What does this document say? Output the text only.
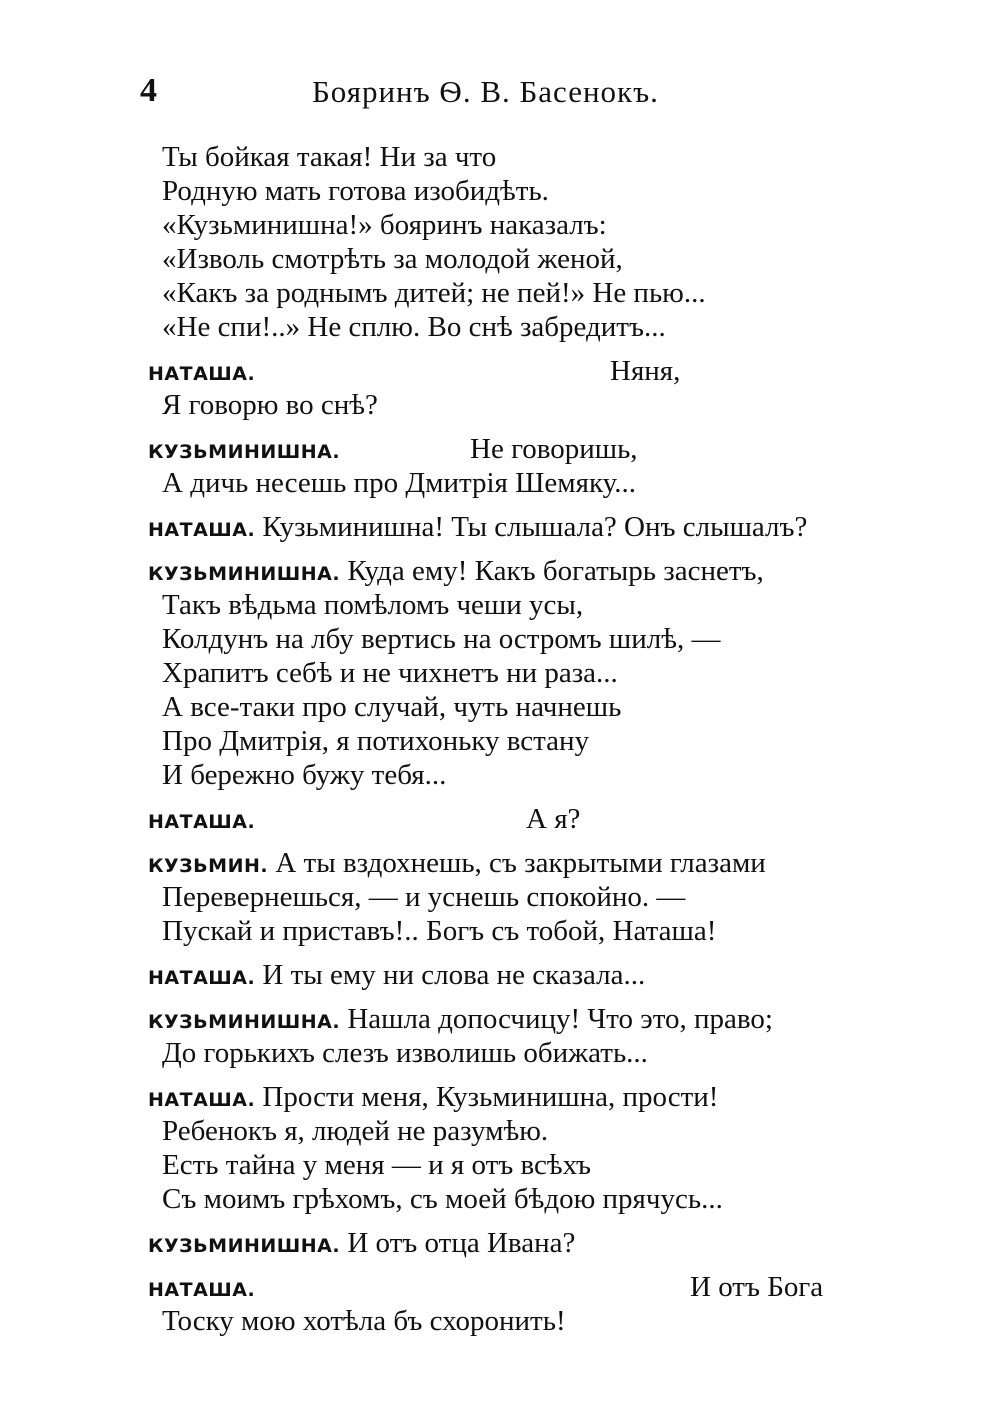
4	Бояринъ Ѳ. В. Басенокъ.
Ты бойкая такая! Ни за что
Родную мать готова изобидѣть.
«Кузьминишна!» бояринъ наказалъ:
«Изволь смотрѣть за молодой женой,
«Какъ за роднымъ дитей; не пей!» Не пью...
«Не спи!..» Не сплю. Во снѣ забредитъ...
НАТАША.	Няня,
Я говорю во снѣ?
КУЗЬМИНИШНА.	Не говоришь,
А дичь несешь про Дмитрія Шемяку...
НАТАША. Кузьминишна! Ты слышала? Онъ слышалъ?
КУЗЬМИНИШНА. Куда ему! Какъ богатырь заснетъ,
Такъ вѣдьма помѣломъ чеши усы,
Колдунъ на лбу вертись на остромъ шилѣ, —
Храпитъ себѣ и не чихнетъ ни раза...
А все-таки про случай, чуть начнешь
Про Дмитрія, я потихоньку встану
И бережно бужу тебя...
НАТАША.	А я?
КУЗЬМИН. А ты вздохнешь, съ закрытыми глазами
Перевернешься, — и уснешь спокойно. —
Пускай и приставъ!.. Богъ съ тобой, Наташа!
НАТАША. И ты ему ни слова не сказала...
КУЗЬМИНИШНА. Нашла допосчицу! Что это, право;
До горькихъ слезъ изволишь обижать...
НАТАША. Прости меня, Кузьминишна, прости!
Ребенокъ я, людей не разумѣю.
Есть тайна у меня — и я отъ всѣхъ
Съ моимъ грѣхомъ, съ моей бѣдою прячусь...
КУЗЬМИНИШНА. И отъ отца Ивана?
НАТАША.	И отъ Бога
Тоску мою хотѣла бъ схоронить!
